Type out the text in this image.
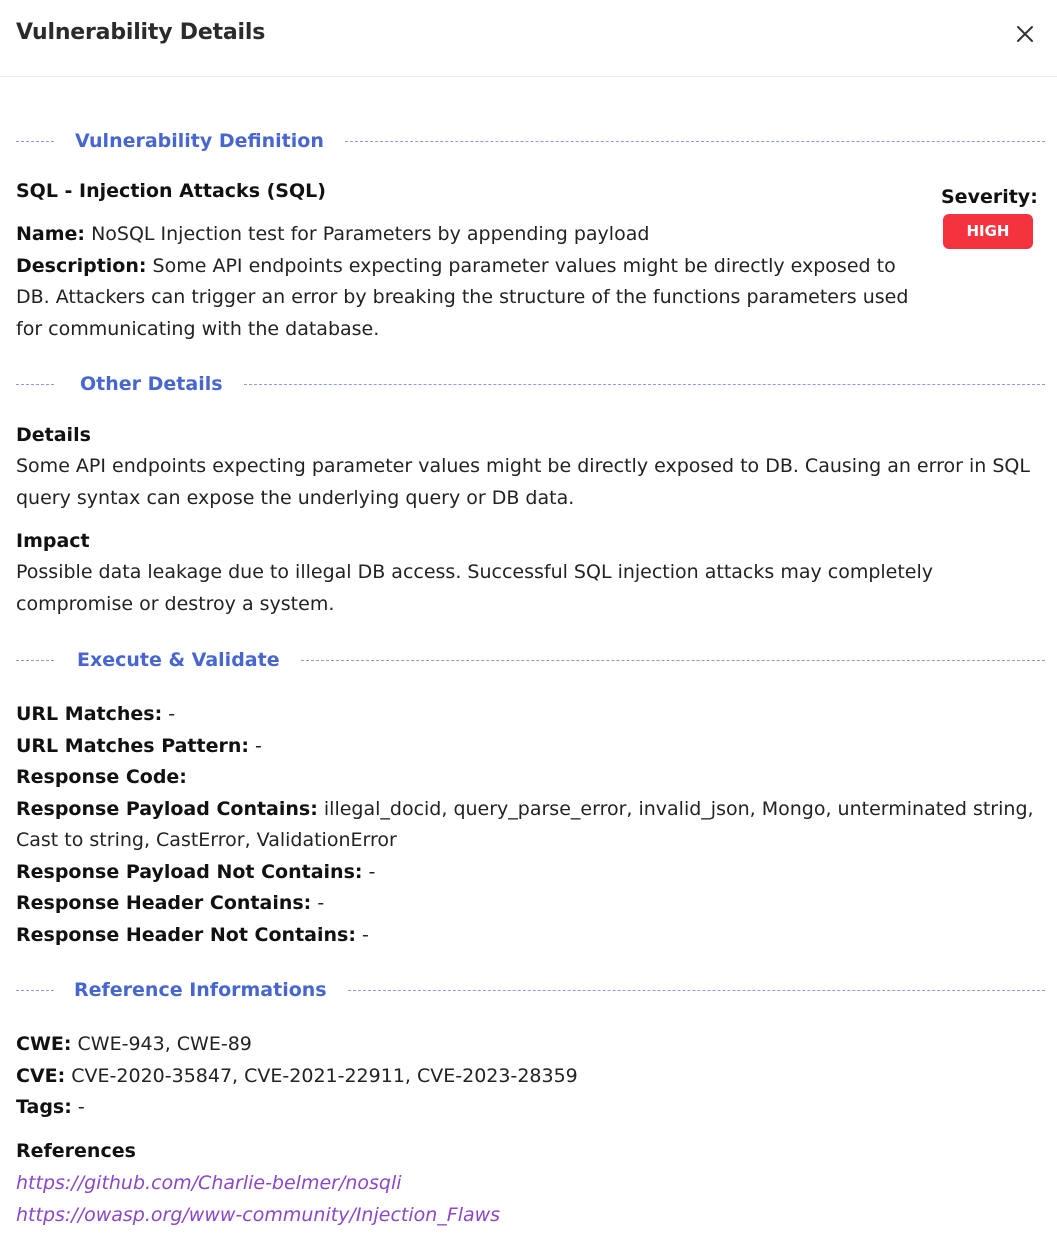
Vulnerability Details
Vulnerability Definition
SQL - Injection Attacks (SQL)
Name: NoSQL Injection test for Parameters by appending payload
Description: Some API endpoints expecting parameter values might be directly exposed to DB. Attackers can trigger an error by breaking the structure of the functions parameters used for communicating with the database.
Other Details
Details
Some API endpoints expecting parameter values might be directly exposed to DB. Causing an error in SQL query syntax can expose the underlying query or DB data.
Impact
Possible data leakage due to illegal DB access. Successful SQL injection attacks may completely compromise or destroy a system.
Execute & Validate
URL Matches: -
URL Matches Pattern: -
Response Code:
Response Payload Contains: illegal_docid, query_parse_error, invalid_json, Mongo, unterminated string, Cast to string, CastError, ValidationError
Response Payload Not Contains: -
Response Header Contains: -
Response Header Not Contains: -
Reference Informations
CWE: CWE-943, CWE-89
CVE: CVE-2020-35847, CVE-2021-22911, CVE-2023-28359
Tags: -
References
https://github.com/Charlie-belmer/nosqli
https://owasp.org/www-community/Injection_Flaws
Severity:
HIGH
